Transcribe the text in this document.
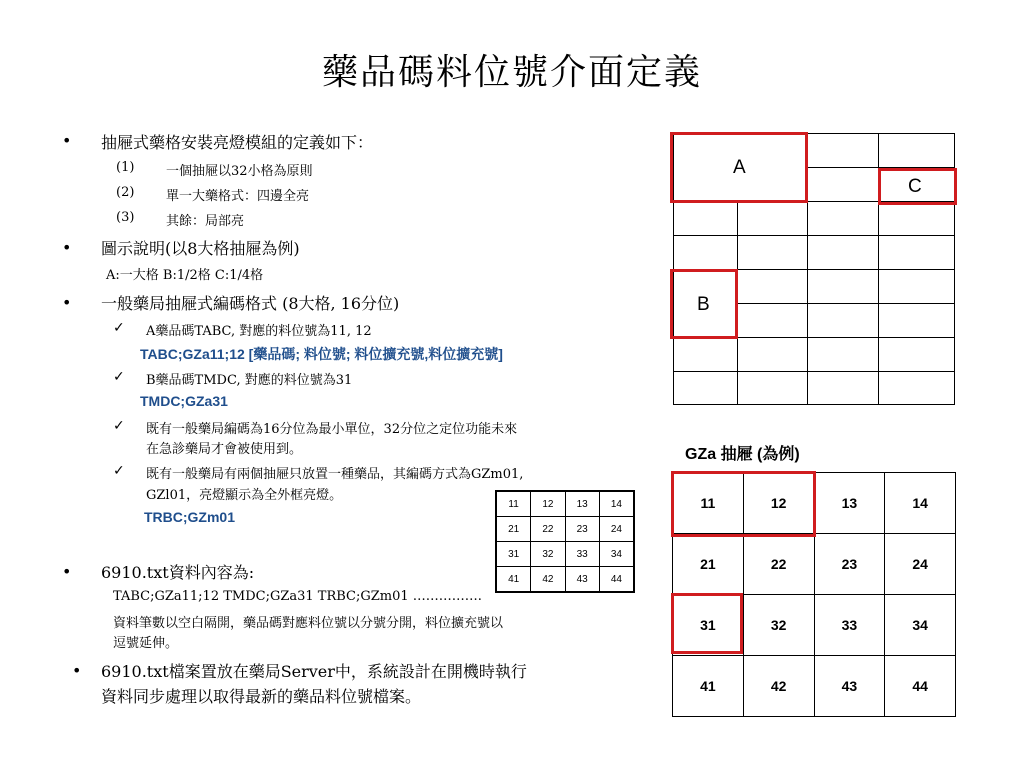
藥品碼料位號介面定義
• 抽屜式藥格安裝亮燈模組的定義如下：
(1) 一個抽屜以32小格為原則
(2) 單一大藥格式：四邊全亮
(3) 其餘：局部亮
• 圖示說明(以8大格抽屜為例)
A:一大格 B:1/2格 C:1/4格
• 一般藥局抽屜式編碼格式 (8大格, 16分位)
✓ A藥品碼TABC, 對應的料位號為11, 12
TABC;GZa11;12 [藥品碼; 料位號; 料位擴充號,料位擴充號]
✓ B藥品碼TMDC, 對應的料位號為31
TMDC;GZa31
✓ 既有一般藥局編碼為16分位為最小單位，32分位之定位功能未來
在急診藥局才會被使用到。
✓ 既有一般藥局有兩個抽屜只放置一種藥品，其編碼方式為GZm01,
GZl01，亮燈顯示為全外框亮燈。
TRBC;GZm01
11	12	13	14
21	22	23	24
31	32	33	34
41	42	43	44
• 6910.txt資料內容為:
TABC;GZa11;12 TMDC;GZa31 TRBC;GZm01 …………….
資料筆數以空白隔開，藥品碼對應料位號以分號分開，料位擴充號以
逗號延伸。
• 6910.txt檔案置放在藥局Server中，系統設計在開機時執行
資料同步處理以取得最新的藥品料位號檔案。
A
C
B
GZa 抽屜 (為例)
11	12	13	14
21	22	23	24
31	32	33	34
41	42	43	44
